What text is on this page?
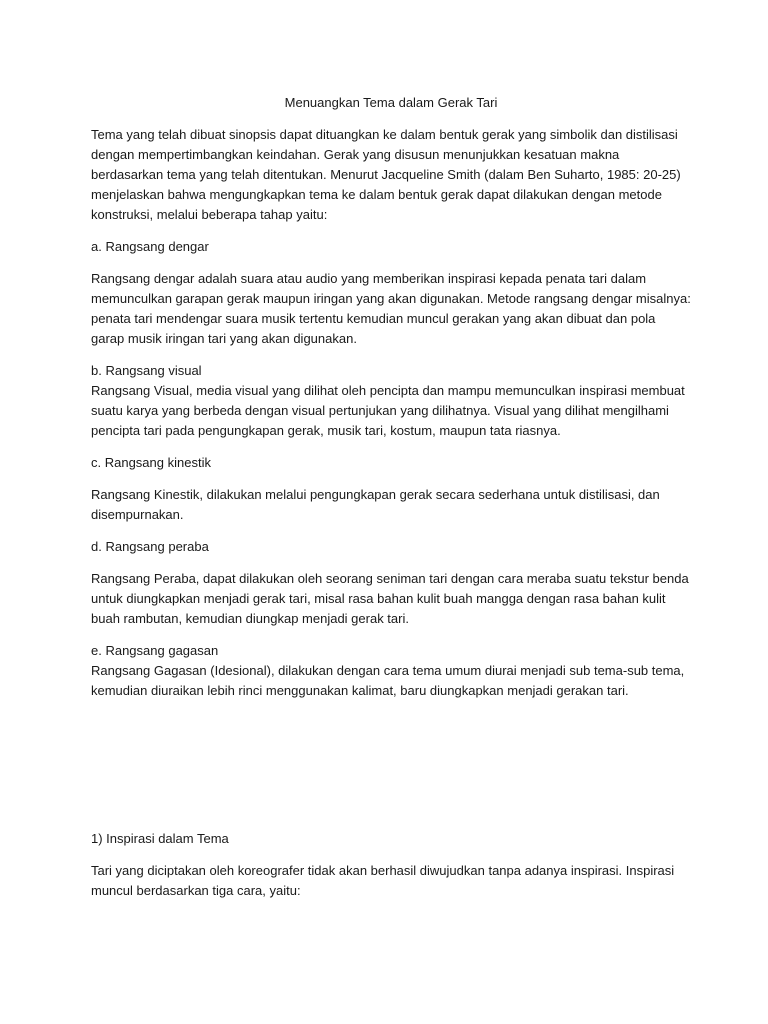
Menuangkan Tema dalam Gerak Tari

Tema yang telah dibuat sinopsis dapat dituangkan ke dalam bentuk gerak yang simbolik dan distilisasi dengan mempertimbangkan keindahan. Gerak yang disusun menunjukkan kesatuan makna berdasarkan tema yang telah ditentukan. Menurut Jacqueline Smith (dalam Ben Suharto, 1985: 20-25) menjelaskan bahwa mengungkapkan tema ke dalam bentuk gerak dapat dilakukan dengan metode konstruksi, melalui beberapa tahap yaitu:

a. Rangsang dengar

Rangsang dengar adalah suara atau audio yang memberikan inspirasi kepada penata tari dalam memunculkan garapan gerak maupun iringan yang akan digunakan. Metode rangsang dengar misalnya: penata tari mendengar suara musik tertentu kemudian muncul gerakan yang akan dibuat dan pola garap musik iringan tari yang akan digunakan.

b. Rangsang visual

Rangsang Visual, media visual yang dilihat oleh pencipta dan mampu memunculkan inspirasi membuat suatu karya yang berbeda dengan visual pertunjukan yang dilihatnya. Visual yang dilihat mengilhami pencipta tari pada pengungkapan gerak, musik tari, kostum, maupun tata riasnya.

c. Rangsang kinestik

Rangsang Kinestik, dilakukan melalui pengungkapan gerak secara sederhana untuk distilisasi, dan disempurnakan.

d. Rangsang peraba

Rangsang Peraba, dapat dilakukan oleh seorang seniman tari dengan cara meraba suatu tekstur benda untuk diungkapkan menjadi gerak tari, misal rasa bahan kulit buah mangga dengan rasa bahan kulit buah rambutan, kemudian diungkap menjadi gerak tari.

e. Rangsang gagasan

Rangsang Gagasan (Idesional), dilakukan dengan cara tema umum diurai menjadi sub tema-sub tema, kemudian diuraikan lebih rinci menggunakan kalimat, baru diungkapkan menjadi gerakan tari.

1) Inspirasi dalam Tema

Tari yang diciptakan oleh koreografer tidak akan berhasil diwujudkan tanpa adanya inspirasi. Inspirasi muncul berdasarkan tiga cara, yaitu:
